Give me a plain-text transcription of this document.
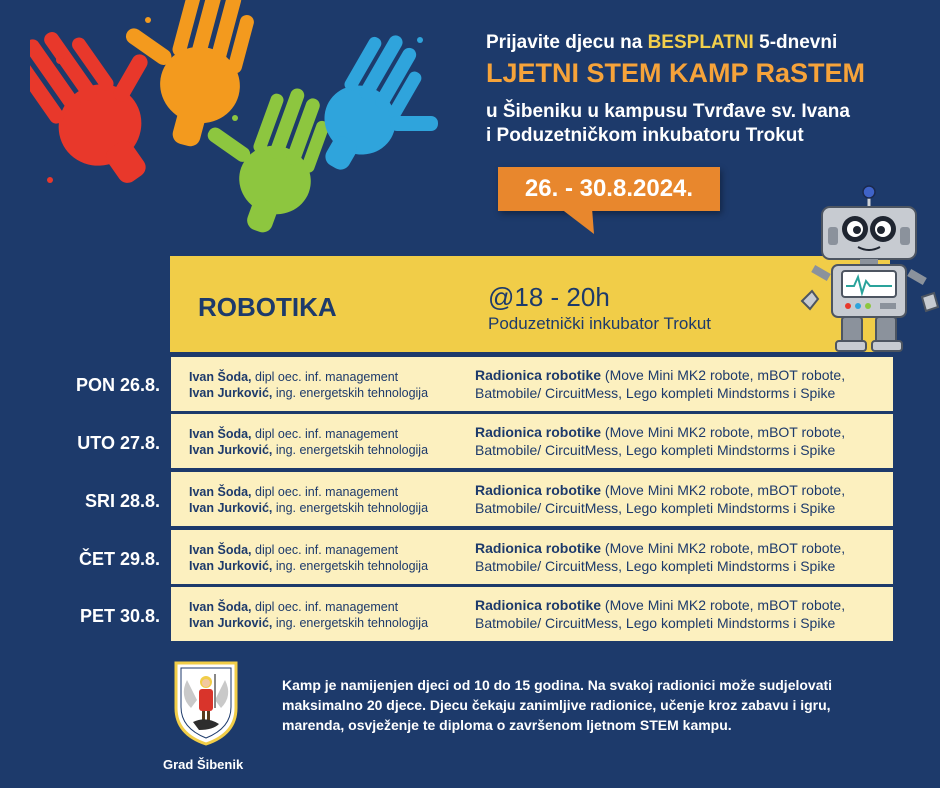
Prijavite djecu na BESPLATNI 5-dnevni
LJETNI STEM KAMP RaSTEM
u Šibeniku u kampusu Tvrđave sv. Ivana
i Poduzetničkom inkubatoru Trokut
26. - 30.8.2024.
ROBOTIKA	@18 - 20h
Poduzetnički inkubator Trokut
PON 26.8. Ivan Šoda, dipl oec. inf. management
Ivan Jurković, ing. energetskih tehnologija
Radionica robotike (Move Mini MK2 robote, mBOT robote,
Batmobile/ CircuitMess, Lego kompleti Mindstorms i Spike
UTO 27.8. Ivan Šoda, dipl oec. inf. management
Ivan Jurković, ing. energetskih tehnologija
Radionica robotike (Move Mini MK2 robote, mBOT robote,
Batmobile/ CircuitMess, Lego kompleti Mindstorms i Spike
SRI 28.8. Ivan Šoda, dipl oec. inf. management
Ivan Jurković, ing. energetskih tehnologija
Radionica robotike (Move Mini MK2 robote, mBOT robote,
Batmobile/ CircuitMess, Lego kompleti Mindstorms i Spike
ČET 29.8. Ivan Šoda, dipl oec. inf. management
Ivan Jurković, ing. energetskih tehnologija
Radionica robotike (Move Mini MK2 robote, mBOT robote,
Batmobile/ CircuitMess, Lego kompleti Mindstorms i Spike
PET 30.8. Ivan Šoda, dipl oec. inf. management
Ivan Jurković, ing. energetskih tehnologija
Radionica robotike (Move Mini MK2 robote, mBOT robote,
Batmobile/ CircuitMess, Lego kompleti Mindstorms i Spike
Grad Šibenik
Kamp je namijenjen djeci od 10 do 15 godina. Na svakoj radionici može sudjelovati maksimalno 20 djece. Djecu čekaju zanimljive radionice, učenje kroz zabavu i igru, marenda, osvježenje te diploma o završenom ljetnom STEM kampu.
